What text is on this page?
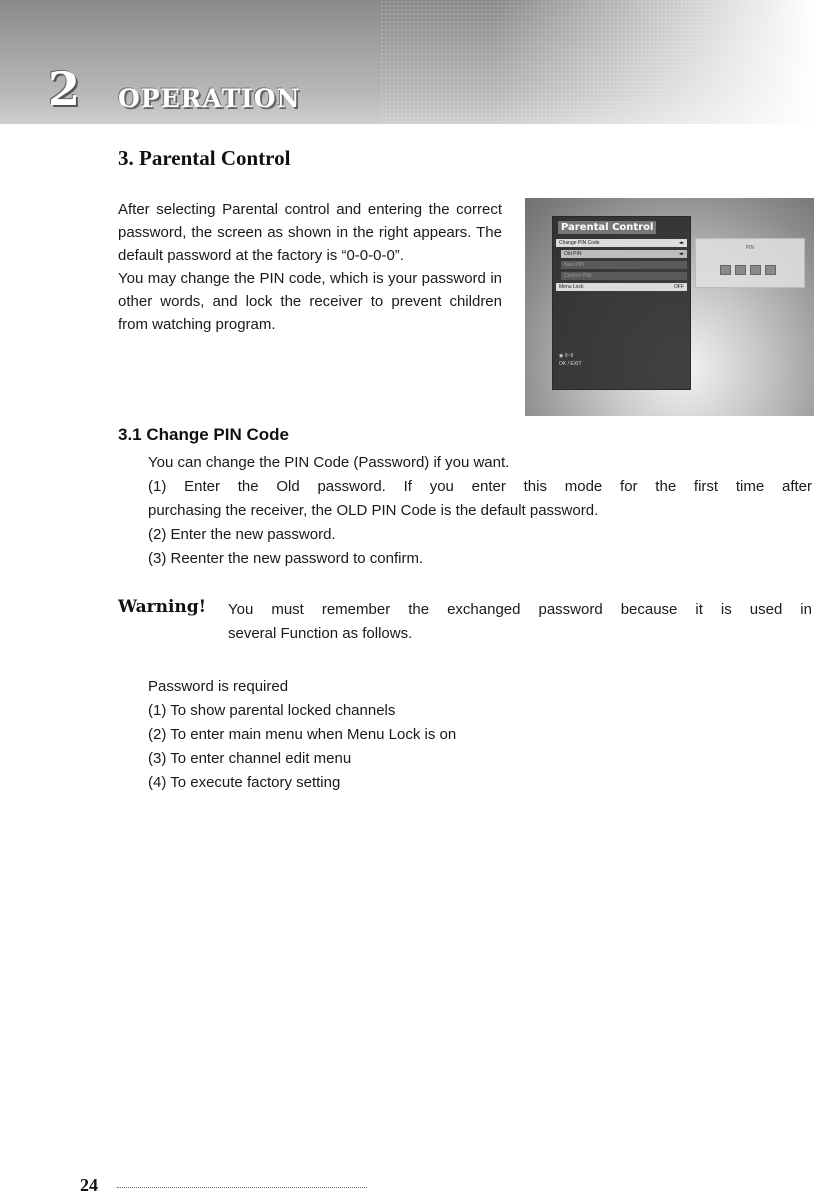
2 OPERATION
3. Parental Control

After selecting Parental control and entering the correct password, the screen as shown in the right appears. The default password at the factory is “0-0-0-0”.

You may change the PIN code, which is your password in other words, and lock the receiver to prevent children from watching program.

Parental Control
Change PIN Code	◂▸
Old PIN	◂▸
New PIN
Confirm PIN
Menu Lock	OFF
◉ 0~9
OK / EXIT
PIN
3.1 Change PIN Code

You can change the PIN Code (Password) if you want.

(1) Enter the Old password. If you enter this mode for the first time after

purchasing the receiver, the OLD PIN Code is the default password.

(2) Enter the new password.

(3) Reenter the new password to confirm.

Warning! You must remember the exchanged password because it is used in

several Function as follows.

Password is required

(1) To show parental locked channels

(2) To enter main menu when Menu Lock is on

(3) To enter channel edit menu

(4) To execute factory setting

24
